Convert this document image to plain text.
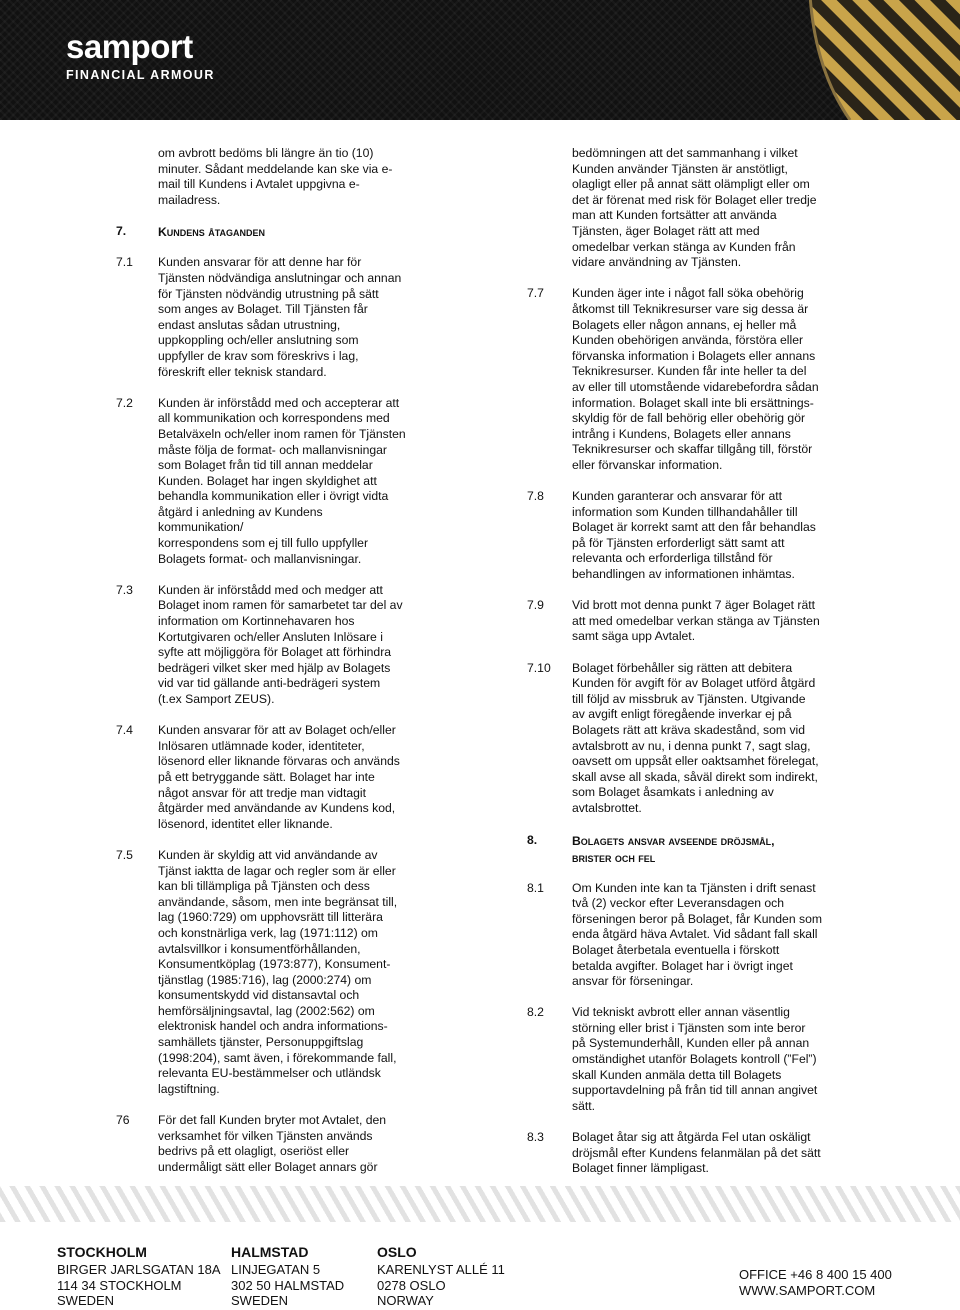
samport
FINANCIAL ARMOUR
om avbrott bedöms bli längre än tio (10)
minuter. Sådant meddelande kan ske via e-
mail till Kundens i Avtalet uppgivna e-
mailadress.
7.	Kundens åtaganden
7.1	Kunden ansvarar för att denne har för
Tjänsten nödvändiga anslutningar och annan
för Tjänsten nödvändig utrustning på sätt
som anges av Bolaget. Till Tjänsten får
endast anslutas sådan utrustning,
uppkoppling och/eller anslutning som
uppfyller de krav som föreskrivs i lag,
föreskrift eller teknisk standard.
7.2	Kunden är införstådd med och accepterar att
all kommunikation och korrespondens med
Betalväxeln och/eller inom ramen för Tjänsten
måste följa de format- och mallanvisningar
som Bolaget från tid till annan meddelar
Kunden. Bolaget har ingen skyldighet att
behandla kommunikation eller i övrigt vidta
åtgärd i anledning av Kundens
kommunikation/
korrespondens som ej till fullo uppfyller
Bolagets format- och mallanvisningar.
7.3	Kunden är införstådd med och medger att
Bolaget inom ramen för samarbetet tar del av
information om Kortinnehavaren hos
Kortutgivaren och/eller Ansluten Inlösare i
syfte att möjliggöra för Bolaget att förhindra
bedrägeri vilket sker med hjälp av Bolagets
vid var tid gällande anti-bedrägeri system
(t.ex Samport ZEUS).
7.4	Kunden ansvarar för att av Bolaget och/eller
Inlösaren utlämnade koder, identiteter,
lösenord eller liknande förvaras och används
på ett betryggande sätt. Bolaget har inte
något ansvar för att tredje man vidtagit
åtgärder med användande av Kundens kod,
lösenord, identitet eller liknande.
7.5	Kunden är skyldig att vid användande av
Tjänst iaktta de lagar och regler som är eller
kan bli tillämpliga på Tjänsten och dess
användande, såsom, men inte begränsat till,
lag (1960:729) om upphovsrätt till litterära
och konstnärliga verk, lag (1971:112) om
avtalsvillkor i konsumentförhållanden,
Konsumentköplag (1973:877), Konsument-
tjänstlag (1985:716), lag (2000:274) om
konsumentskydd vid distansavtal och
hemförsäljningsavtal, lag (2002:562) om
elektronisk handel och andra informations-
samhällets tjänster, Personuppgiftslag
(1998:204), samt även, i förekommande fall,
relevanta EU-bestämmelser och utländsk
lagstiftning.
76	För det fall Kunden bryter mot Avtalet, den
verksamhet för vilken Tjänsten används
bedrivs på ett olagligt, oseriöst eller
undermåligt sätt eller Bolaget annars gör
bedömningen att det sammanhang i vilket
Kunden använder Tjänsten är anstötligt,
olagligt eller på annat sätt olämpligt eller om
det är förenat med risk för Bolaget eller tredje
man att Kunden fortsätter att använda
Tjänsten, äger Bolaget rätt att med
omedelbar verkan stänga av Kunden från
vidare användning av Tjänsten.
7.7	Kunden äger inte i något fall söka obehörig
åtkomst till Teknikresurser vare sig dessa är
Bolagets eller någon annans, ej heller må
Kunden obehörigen använda, förstöra eller
förvanska information i Bolagets eller annans
Teknikresurser. Kunden får inte heller ta del
av eller till utomstående vidarebefordra sådan
information. Bolaget skall inte bli ersättnings-
skyldig för de fall behörig eller obehörig gör
intrång i Kundens, Bolagets eller annans
Teknikresurser och skaffar tillgång till, förstör
eller förvanskar information.
7.8	Kunden garanterar och ansvarar för att
information som Kunden tillhandahåller till
Bolaget är korrekt samt att den får behandlas
på för Tjänsten erforderligt sätt samt att
relevanta och erforderliga tillstånd för
behandlingen av informationen inhämtas.
7.9	Vid brott mot denna punkt 7 äger Bolaget rätt
att med omedelbar verkan stänga av Tjänsten
samt säga upp Avtalet.
7.10	Bolaget förbehåller sig rätten att debitera
Kunden för avgift för av Bolaget utförd åtgärd
till följd av missbruk av Tjänsten. Utgivande
av avgift enligt föregående inverkar ej på
Bolagets rätt att kräva skadestånd, som vid
avtalsbrott av nu, i denna punkt 7, sagt slag,
oavsett om uppsåt eller oaktsamhet förelegat,
skall avse all skada, såväl direkt som indirekt,
som Bolaget åsamkats i anledning av
avtalsbrottet.
8.	Bolagets ansvar avseende dröjsmål,
brister och fel
8.1	Om Kunden inte kan ta Tjänsten i drift senast
två (2) veckor efter Leveransdagen och
förseningen beror på Bolaget, får Kunden som
enda åtgärd häva Avtalet. Vid sådant fall skall
Bolaget återbetala eventuella i förskott
betalda avgifter. Bolaget har i övrigt inget
ansvar för förseningar.
8.2	Vid tekniskt avbrott eller annan väsentlig
störning eller brist i Tjänsten som inte beror
på Systemunderhåll, Kunden eller på annan
omständighet utanför Bolagets kontroll (”Fel”)
skall Kunden anmäla detta till Bolagets
supportavdelning på från tid till annan angivet
sätt.
8.3	Bolaget åtar sig att åtgärda Fel utan oskäligt
dröjsmål efter Kundens felanmälan på det sätt
Bolaget finner lämpligast.
STOCKHOLM
BIRGER JARLSGATAN 18A
114 34 STOCKHOLM
SWEDEN
HALMSTAD
LINJEGATAN 5
302 50 HALMSTAD
SWEDEN
OSLO
KARENLYST ALLÉ 11
0278 OSLO
NORWAY
OFFICE +46 8 400 15 400
WWW.SAMPORT.COM
